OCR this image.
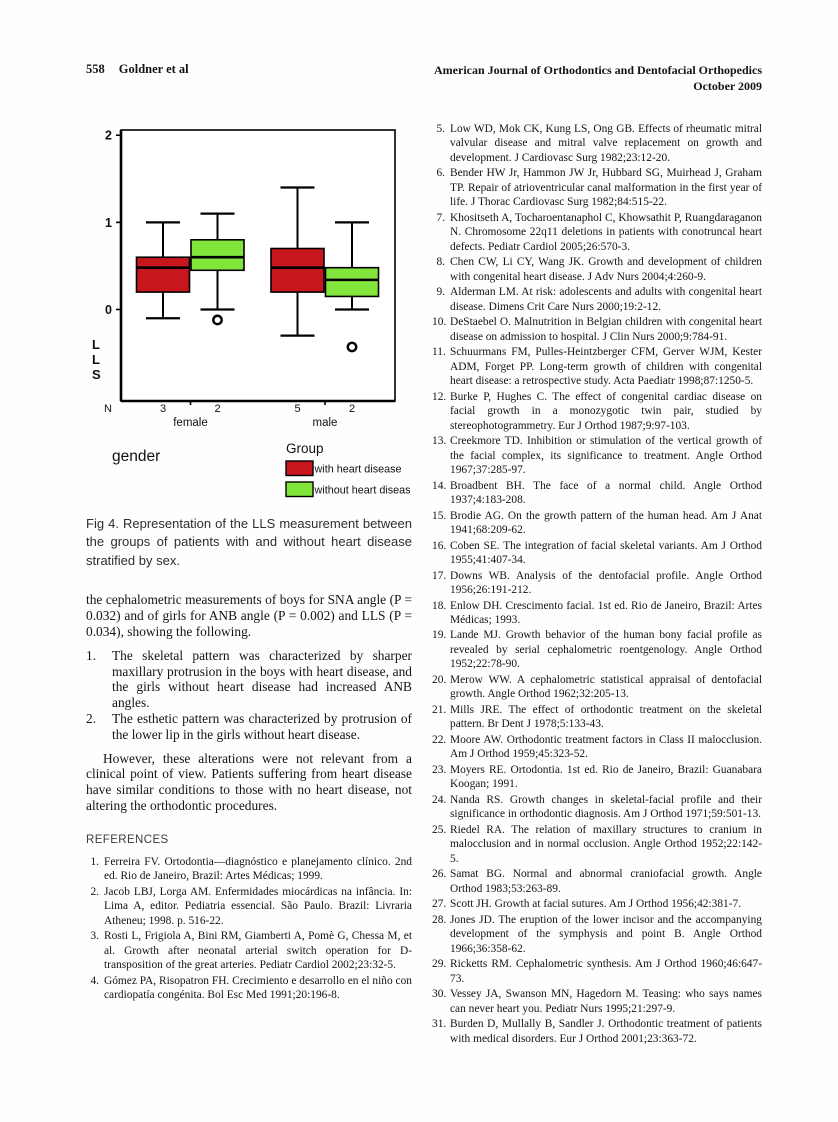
558 Goldner et al	American Journal of Orthodontics and Dentofacial Orthopedics
October 2009
0
1
2
L
L
S
female
3	2
male
5	2
N
gender	Group
with heart disease
without heart disease

Fig 4. Representation of the LLS measurement between the groups of patients with and without heart disease stratified by sex.

the cephalometric measurements of boys for SNA angle (P = 0.032) and of girls for ANB angle (P = 0.002) and LLS (P = 0.034), showing the following.

1.	The skeletal pattern was characterized by sharper maxillary protrusion in the boys with heart disease, and the girls without heart disease had increased ANB angles.
2.	The esthetic pattern was characterized by protrusion of the lower lip in the girls without heart disease.

However, these alterations were not relevant from a clinical point of view. Patients suffering from heart disease have similar conditions to those with no heart disease, not altering the orthodontic procedures.

REFERENCES
1. Ferreira FV. Ortodontia—diagnóstico e planejamento clínico. 2nd ed. Rio de Janeiro, Brazil: Artes Médicas; 1999.
2. Jacob LBJ, Lorga AM. Enfermidades miocárdicas na infância. In: Lima A, editor. Pediatria essencial. São Paulo. Brazil: Livraria Atheneu; 1998. p. 516-22.
3. Rosti L, Frigiola A, Bini RM, Giamberti A, Pomè G, Chessa M, et al. Growth after neonatal arterial switch operation for D-transposition of the great arteries. Pediatr Cardiol 2002;23:32-5.
4. Gómez PA, Risopatron FH. Crecimiento e desarrollo en el niño con cardiopatía congénita. Bol Esc Med 1991;20:196-8.
5. Low WD, Mok CK, Kung LS, Ong GB. Effects of rheumatic mitral valvular disease and mitral valve replacement on growth and development. J Cardiovasc Surg 1982;23:12-20.
6. Bender HW Jr, Hammon JW Jr, Hubbard SG, Muirhead J, Graham TP. Repair of atrioventricular canal malformation in the first year of life. J Thorac Cardiovasc Surg 1982;84:515-22.
7. Khositseth A, Tocharoentanaphol C, Khowsathit P, Ruangdaraganon N. Chromosome 22q11 deletions in patients with conotruncal heart defects. Pediatr Cardiol 2005;26:570-3.
8. Chen CW, Li CY, Wang JK. Growth and development of children with congenital heart disease. J Adv Nurs 2004;4:260-9.
9. Alderman LM. At risk: adolescents and adults with congenital heart disease. Dimens Crit Care Nurs 2000;19:2-12.
10. DeStaebel O. Malnutrition in Belgian children with congenital heart disease on admission to hospital. J Clin Nurs 2000;9:784-91.
11. Schuurmans FM, Pulles-Heintzberger CFM, Gerver WJM, Kester ADM, Forget PP. Long-term growth of children with congenital heart disease: a retrospective study. Acta Paediatr 1998;87:1250-5.
12. Burke P, Hughes C. The effect of congenital cardiac disease on facial growth in a monozygotic twin pair, studied by stereophotogrammetry. Eur J Orthod 1987;9:97-103.
13. Creekmore TD. Inhibition or stimulation of the vertical growth of the facial complex, its significance to treatment. Angle Orthod 1967;37:285-97.
14. Broadbent BH. The face of a normal child. Angle Orthod 1937;4:183-208.
15. Brodie AG. On the growth pattern of the human head. Am J Anat 1941;68:209-62.
16. Coben SE. The integration of facial skeletal variants. Am J Orthod 1955;41:407-34.
17. Downs WB. Analysis of the dentofacial profile. Angle Orthod 1956;26:191-212.
18. Enlow DH. Crescimento facial. 1st ed. Rio de Janeiro, Brazil: Artes Médicas; 1993.
19. Lande MJ. Growth behavior of the human bony facial profile as revealed by serial cephalometric roentgenology. Angle Orthod 1952;22:78-90.
20. Merow WW. A cephalometric statistical appraisal of dentofacial growth. Angle Orthod 1962;32:205-13.
21. Mills JRE. The effect of orthodontic treatment on the skeletal pattern. Br Dent J 1978;5:133-43.
22. Moore AW. Orthodontic treatment factors in Class II malocclusion. Am J Orthod 1959;45:323-52.
23. Moyers RE. Ortodontia. 1st ed. Rio de Janeiro, Brazil: Guanabara Koogan; 1991.
24. Nanda RS. Growth changes in skeletal-facial profile and their significance in orthodontic diagnosis. Am J Orthod 1971;59:501-13.
25. Riedel RA. The relation of maxillary structures to cranium in malocclusion and in normal occlusion. Angle Orthod 1952;22:142-5.
26. Samat BG. Normal and abnormal craniofacial growth. Angle Orthod 1983;53:263-89.
27. Scott JH. Growth at facial sutures. Am J Orthod 1956;42:381-7.
28. Jones JD. The eruption of the lower incisor and the accompanying development of the symphysis and point B. Angle Orthod 1966;36:358-62.
29. Ricketts RM. Cephalometric synthesis. Am J Orthod 1960;46:647-73.
30. Vessey JA, Swanson MN, Hagedorn M. Teasing: who says names can never heart you. Pediatr Nurs 1995;21:297-9.
31. Burden D, Mullally B, Sandler J. Orthodontic treatment of patients with medical disorders. Eur J Orthod 2001;23:363-72.
